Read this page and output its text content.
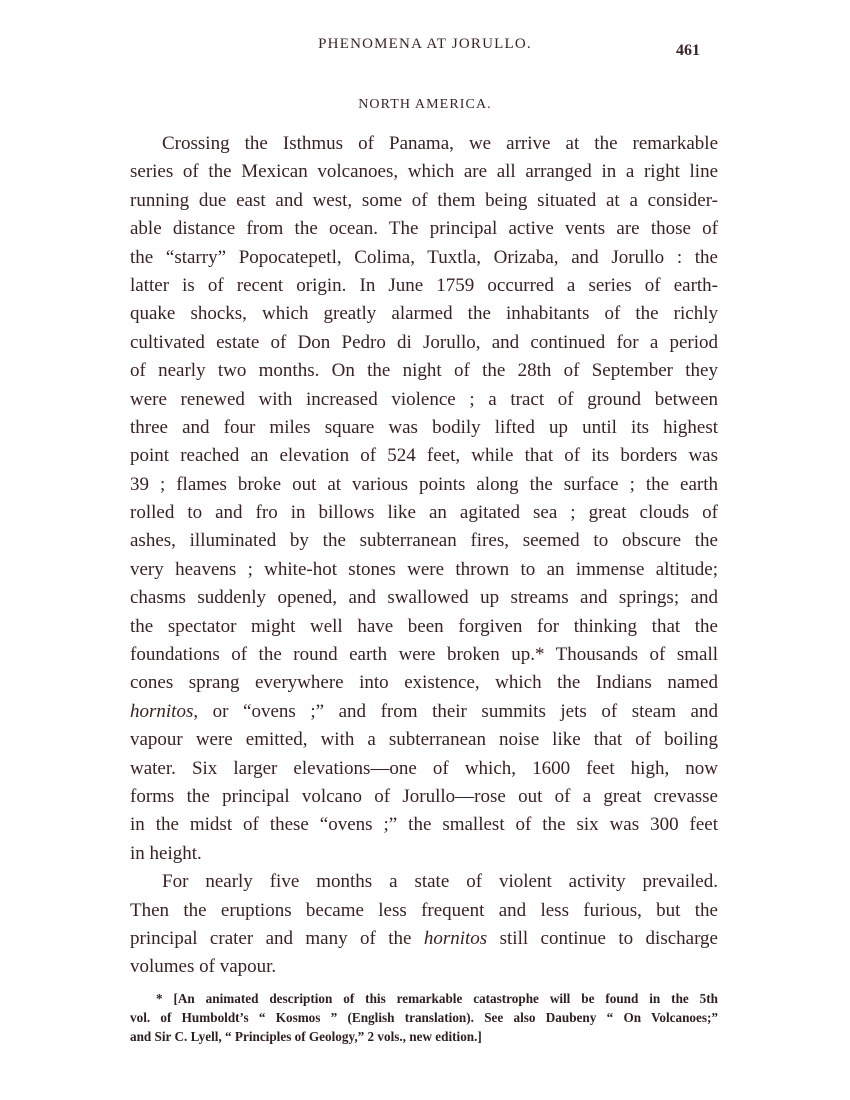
PHENOMENA AT JORULLO.	461
NORTH AMERICA.
Crossing the Isthmus of Panama, we arrive at the remarkable
series of the Mexican volcanoes, which are all arranged in a right line
running due east and west, some of them being situated at a consider-
able distance from the ocean. The principal active vents are those of
the “starry” Popocatepetl, Colima, Tuxtla, Orizaba, and Jorullo : the
latter is of recent origin. In June 1759 occurred a series of earth-
quake shocks, which greatly alarmed the inhabitants of the richly
cultivated estate of Don Pedro di Jorullo, and continued for a period
of nearly two months. On the night of the 28th of September they
were renewed with increased violence ; a tract of ground between
three and four miles square was bodily lifted up until its highest
point reached an elevation of 524 feet, while that of its borders was
39 ; flames broke out at various points along the surface ; the earth
rolled to and fro in billows like an agitated sea ; great clouds of
ashes, illuminated by the subterranean fires, seemed to obscure the
very heavens ; white-hot stones were thrown to an immense altitude;
chasms suddenly opened, and swallowed up streams and springs; and
the spectator might well have been forgiven for thinking that the
foundations of the round earth were broken up.* Thousands of small
cones sprang everywhere into existence, which the Indians named
hornitos, or “ovens ;” and from their summits jets of steam and
vapour were emitted, with a subterranean noise like that of boiling
water. Six larger elevations—one of which, 1600 feet high, now
forms the principal volcano of Jorullo—rose out of a great crevasse
in the midst of these “ovens ;” the smallest of the six was 300 feet
in height.
For nearly five months a state of violent activity prevailed.
Then the eruptions became less frequent and less furious, but the
principal crater and many of the hornitos still continue to discharge
volumes of vapour.
* [An animated description of this remarkable catastrophe will be found in the 5th
vol. of Humboldt’s “ Kosmos ” (English translation). See also Daubeny “ On Volcanoes;”
and Sir C. Lyell, “ Principles of Geology,” 2 vols., new edition.]
